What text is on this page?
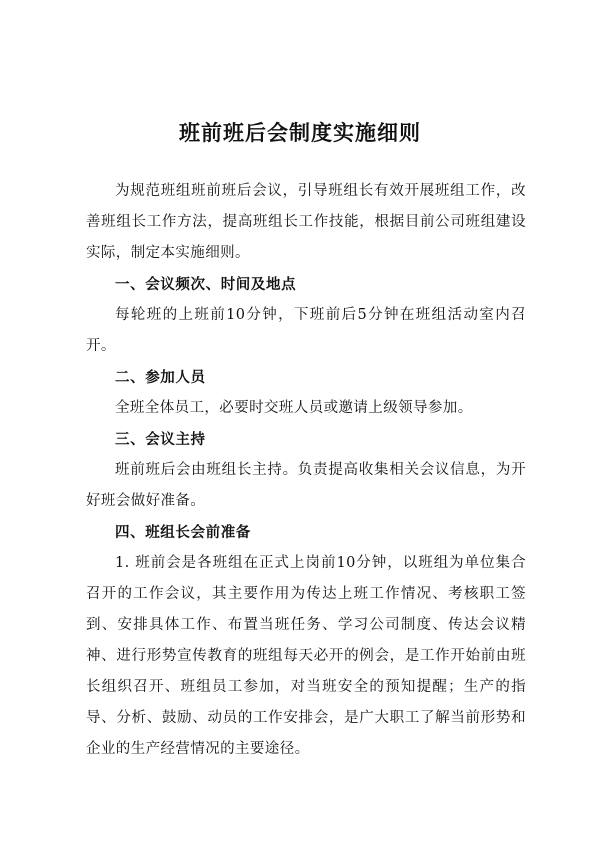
班前班后会制度实施细则

为规范班组班前班后会议，引导班组长有效开展班组工作，改善班组长工作方法，提高班组长工作技能，根据目前公司班组建设实际，制定本实施细则。

一、会议频次、时间及地点

每轮班的上班前10分钟，下班前后5分钟在班组活动室内召开。

二、参加人员

全班全体员工，必要时交班人员或邀请上级领导参加。

三、会议主持

班前班后会由班组长主持。负责提高收集相关会议信息，为开好班会做好准备。

四、班组长会前准备

1. 班前会是各班组在正式上岗前10分钟，以班组为单位集合召开的工作会议，其主要作用为传达上班工作情况、考核职工签到、安排具体工作、布置当班任务、学习公司制度、传达会议精神、进行形势宣传教育的班组每天必开的例会，是工作开始前由班长组织召开、班组员工参加，对当班安全的预知提醒；生产的指导、分析、鼓励、动员的工作安排会，是广大职工了解当前形势和企业的生产经营情况的主要途径。
